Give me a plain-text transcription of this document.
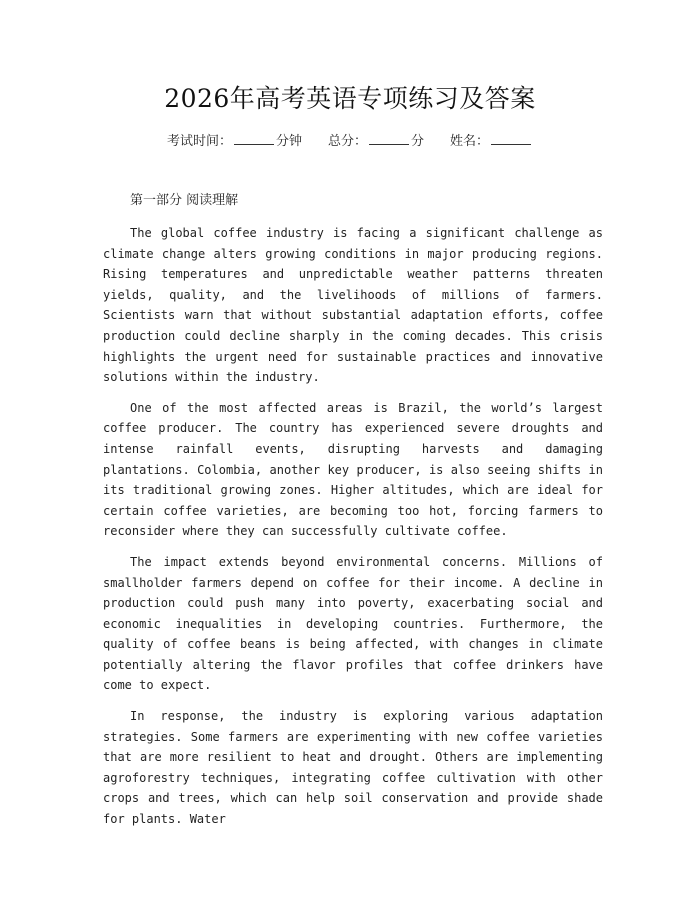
2026年高考英语专项练习及答案
考试时间：	分钟 总分：	分 姓名：
第一部分 阅读理解

The global coffee industry is facing a significant challenge as climate change alters growing conditions in major producing regions. Rising temperatures and unpredictable weather patterns threaten yields, quality, and the livelihoods of millions of farmers. Scientists warn that without substantial adaptation efforts, coffee production could decline sharply in the coming decades. This crisis highlights the urgent need for sustainable practices and innovative solutions within the industry.

One of the most affected areas is Brazil, the world’s largest coffee producer. The country has experienced severe droughts and intense rainfall events, disrupting harvests and damaging plantations. Colombia, another key producer, is also seeing shifts in its traditional growing zones. Higher altitudes, which are ideal for certain coffee varieties, are becoming too hot, forcing farmers to reconsider where they can successfully cultivate coffee.

The impact extends beyond environmental concerns. Millions of smallholder farmers depend on coffee for their income. A decline in production could push many into poverty, exacerbating social and economic inequalities in developing countries. Furthermore, the quality of coffee beans is being affected, with changes in climate potentially altering the flavor profiles that coffee drinkers have come to expect.

In response, the industry is exploring various adaptation strategies. Some farmers are experimenting with new coffee varieties that are more resilient to heat and drought. Others are implementing agroforestry techniques, integrating coffee cultivation with other crops and trees, which can help soil conservation and provide shade for plants. Water
